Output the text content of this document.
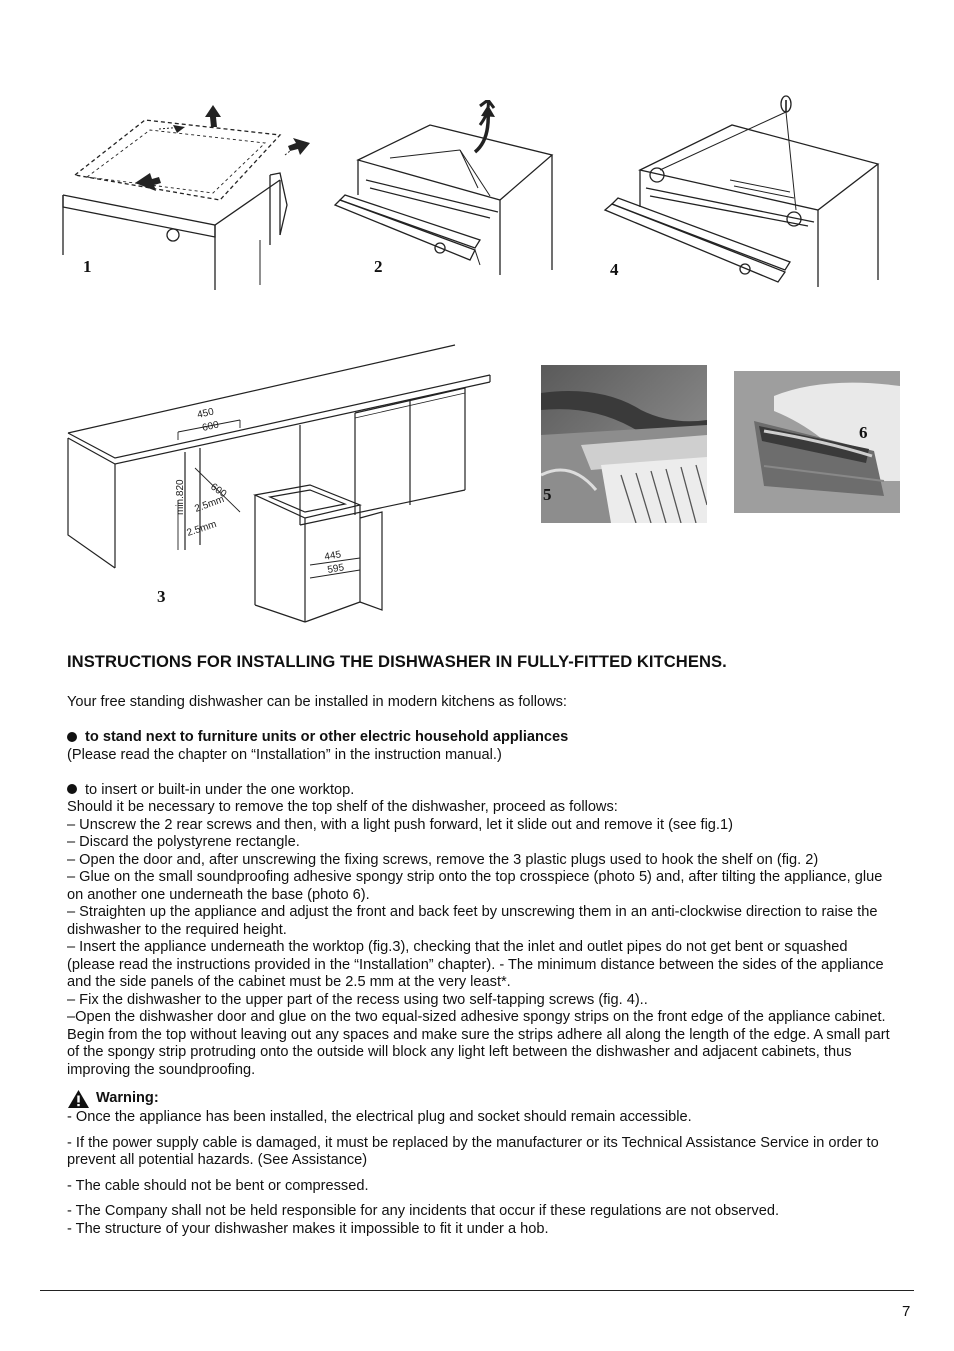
1	2	4
450
600
min.820 600
2.5mm
2.5mm
445
595
3
5
6
INSTRUCTIONS FOR INSTALLING THE DISHWASHER IN FULLY-FITTED KITCHENS.

Your free standing dishwasher can be installed in modern kitchens as follows:

to stand next to furniture units or other electric household appliances

(Please read the chapter on “Installation” in the instruction manual.)

to insert or built-in under the one worktop.

Should it be necessary to remove the top shelf of the dishwasher, proceed as follows:

– Unscrew the 2 rear screws and then, with a light push forward, let it slide out and remove it (see fig.1)

– Discard the polystyrene rectangle.

– Open the door and, after unscrewing the fixing screws, remove the 3 plastic plugs used to hook the shelf on (fig. 2)

– Glue on the small soundproofing adhesive spongy strip onto the top crosspiece (photo 5) and, after tilting the appliance, glue on another one underneath the base (photo 6).

– Straighten up the appliance and adjust the front and back feet by unscrewing them in an anti-clockwise direction to raise the dishwasher to the required height.

– Insert the appliance underneath the worktop (fig.3), checking that the inlet and outlet pipes do not get bent or squashed (please read the instructions provided in the “Installation” chapter). - The minimum distance between the sides of the appliance and the side panels of the cabinet must be 2.5 mm at the very least*.

– Fix the dishwasher to the upper part of the recess using two self-tapping screws (fig. 4)..

–Open the dishwasher door and glue on the two equal-sized adhesive spongy strips on the front edge of the appliance cabinet. Begin from the top without leaving out any spaces and make sure the strips adhere all along the length of the edge. A small part of the spongy strip protruding onto the outside will block any light left between the dishwasher and adjacent cabinets, thus improving the soundproofing.

Warning:

- Once the appliance has been installed, the electrical plug and socket should remain accessible.

- If the power supply cable is damaged, it must be replaced by the manufacturer or its Technical Assistance Service in order to prevent all potential hazards. (See Assistance)

- The cable should not be bent or compressed.

- The Company shall not be held responsible for any incidents that occur if these regulations are not observed.
- The structure of your dishwasher makes it impossible to fit it under a hob.

7
